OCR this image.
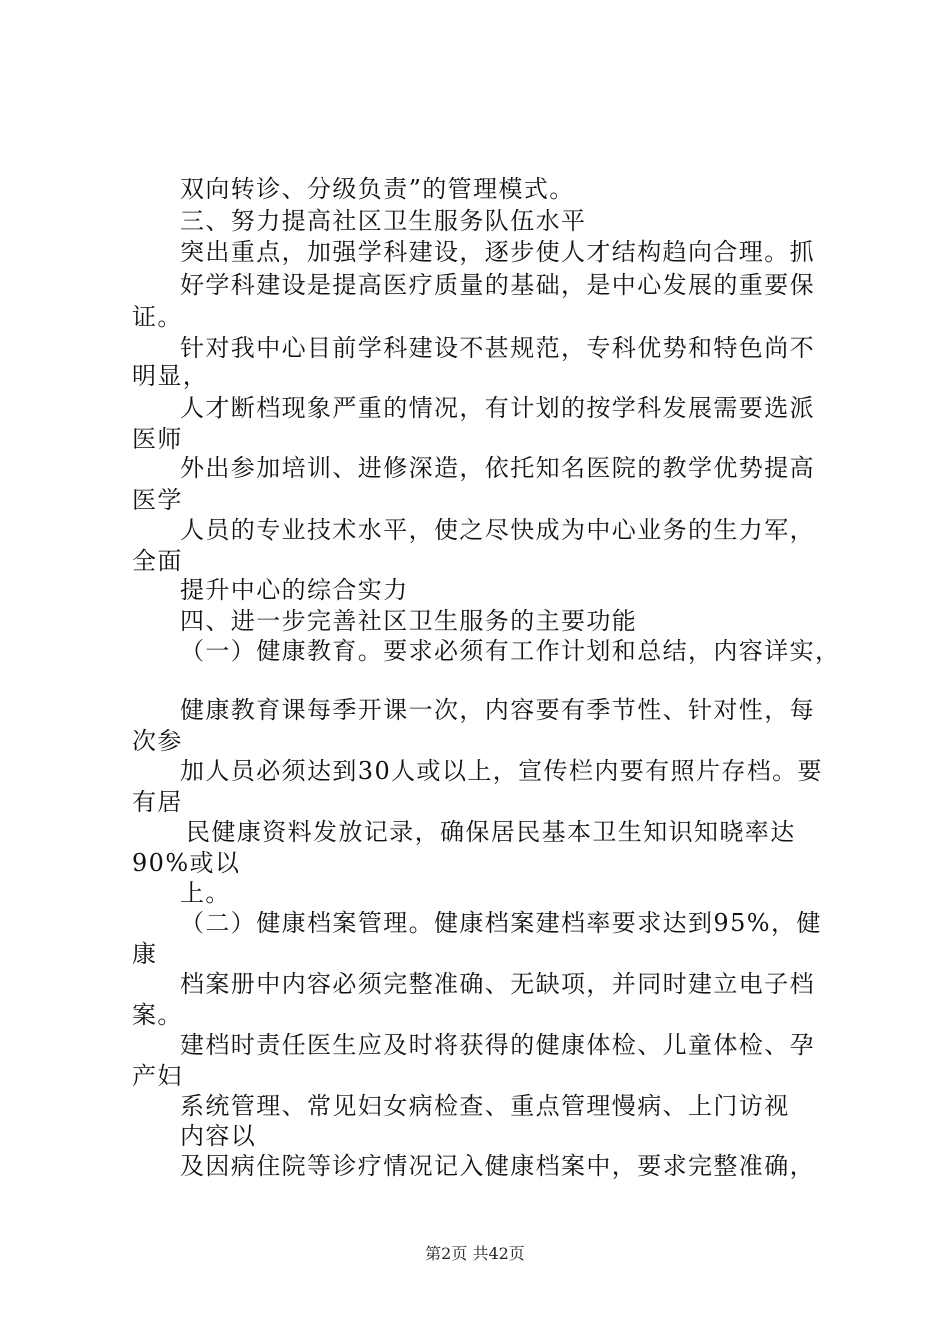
双向转诊、分级负责”的管理模式。
三、努力提高社区卫生服务队伍水平
突出重点，加强学科建设，逐步使人才结构趋向合理。抓
好学科建设是提高医疗质量的基础，是中心发展的重要保
证。
针对我中心目前学科建设不甚规范，专科优势和特色尚不
明显，
人才断档现象严重的情况，有计划的按学科发展需要选派
医师
外出参加培训、进修深造，依托知名医院的教学优势提高
医学
人员的专业技术水平，使之尽快成为中心业务的生力军，
全面
提升中心的综合实力
四、进一步完善社区卫生服务的主要功能
（一）健康教育。要求必须有工作计划和总结，内容详实，
健康教育课每季开课一次，内容要有季节性、针对性，每
次参
加人员必须达到30人或以上，宣传栏内要有照片存档。要
有居
民健康资料发放记录，确保居民基本卫生知识知晓率达
90%或以
上。
（二）健康档案管理。健康档案建档率要求达到95%，健
康
档案册中内容必须完整准确、无缺项，并同时建立电子档
案。
建档时责任医生应及时将获得的健康体检、儿童体检、孕
产妇
系统管理、常见妇女病检查、重点管理慢病、上门访视
内容以
及因病住院等诊疗情况记入健康档案中，要求完整准确，
第2页 共42页
